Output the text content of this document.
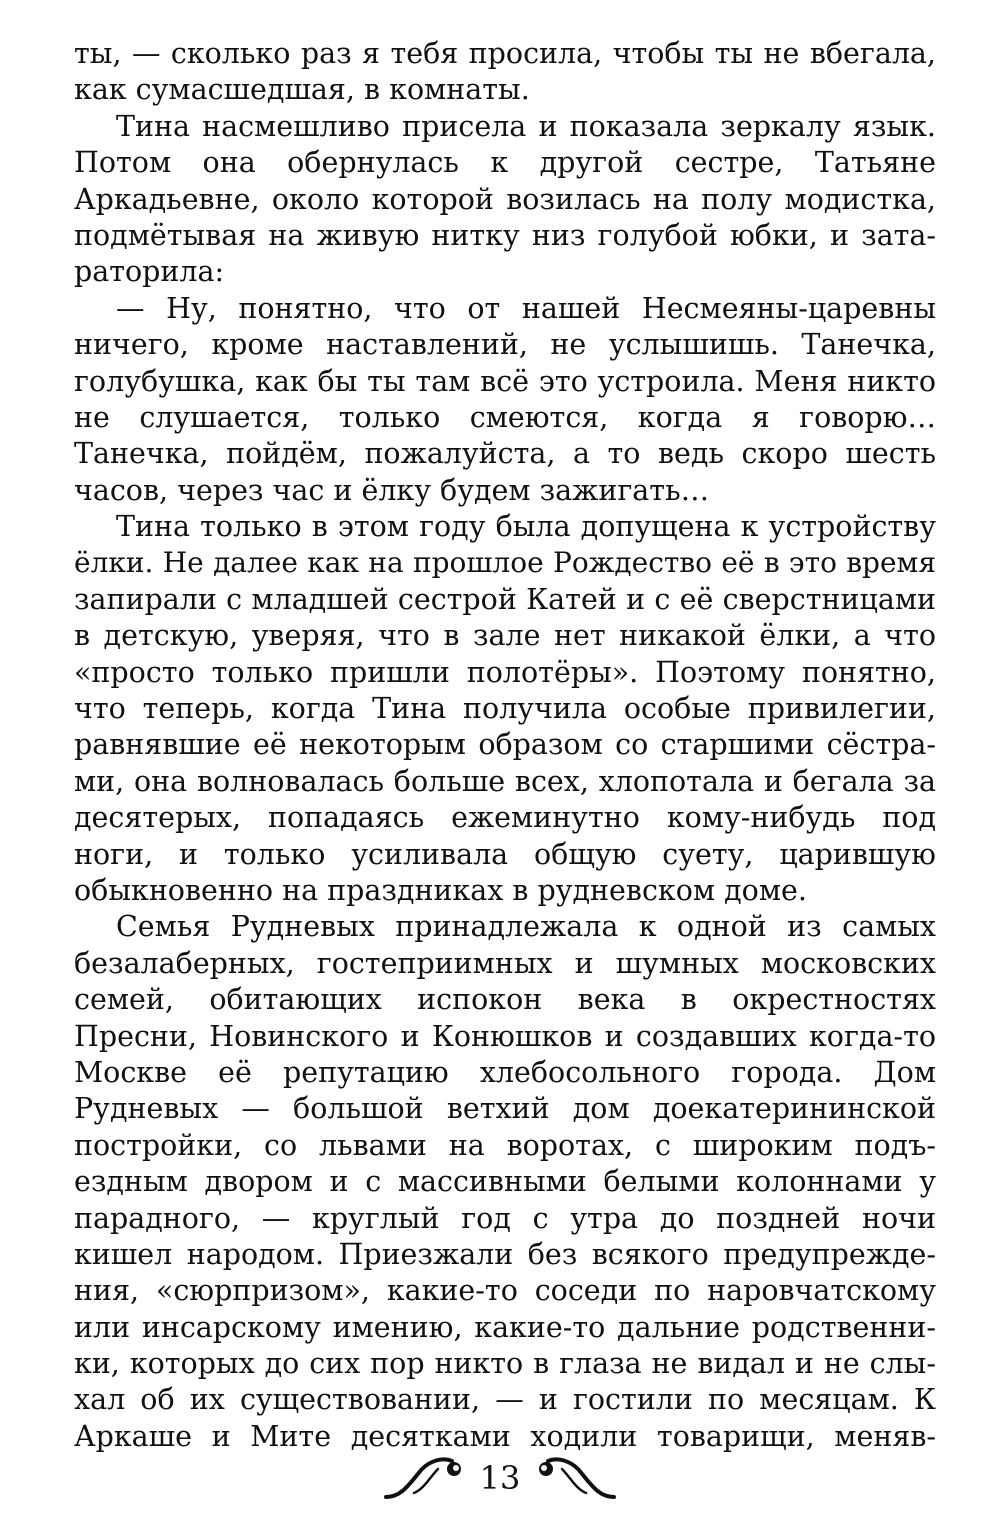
ты, — сколько раз я тебя просила, чтобы ты не вбегала,
как сумасшедшая, в комнаты.
Тина насмешливо присела и показала зеркалу язык.
Потом она обернулась к другой сестре, Татьяне
Аркадьевне, около которой возилась на полу модистка,
подмётывая на живую нитку низ голубой юбки, и зата-
раторила:
— Ну, понятно, что от нашей Несмеяны-царевны
ничего, кроме наставлений, не услышишь. Танечка,
голубушка, как бы ты там всё это устроила. Меня никто
не слушается, только смеются, когда я говорю…
Танечка, пойдём, пожалуйста, а то ведь скоро шесть
часов, через час и ёлку будем зажигать…
Тина только в этом году была допущена к устройству
ёлки. Не далее как на прошлое Рождество её в это время
запирали с младшей сестрой Катей и с её сверстницами
в детскую, уверяя, что в зале нет никакой ёлки, а что
«просто только пришли полотёры». Поэтому понятно,
что теперь, когда Тина получила особые привилегии,
равнявшие её некоторым образом со старшими сёстра-
ми, она волновалась больше всех, хлопотала и бегала за
десятерых, попадаясь ежеминутно кому-нибудь под
ноги, и только усиливала общую суету, царившую
обыкновенно на праздниках в рудневском доме.
Семья Рудневых принадлежала к одной из самых
безалаберных, гостеприимных и шумных московских
семей, обитающих испокон века в окрестностях
Пресни, Новинского и Конюшков и создавших когда-то
Москве её репутацию хлебосольного города. Дом
Рудневых — большой ветхий дом доекатерининской
постройки, со львами на воротах, с широким подъ-
ездным двором и с массивными белыми колоннами у
парадного, — круглый год с утра до поздней ночи
кишел народом. Приезжали без всякого предупрежде-
ния, «сюрпризом», какие-то соседи по наровчатскому
или инсарскому имению, какие-то дальние родственни-
ки, которых до сих пор никто в глаза не видал и не слы-
хал об их существовании, — и гостили по месяцам. К
Аркаше и Мите десятками ходили товарищи, меняв-
13
